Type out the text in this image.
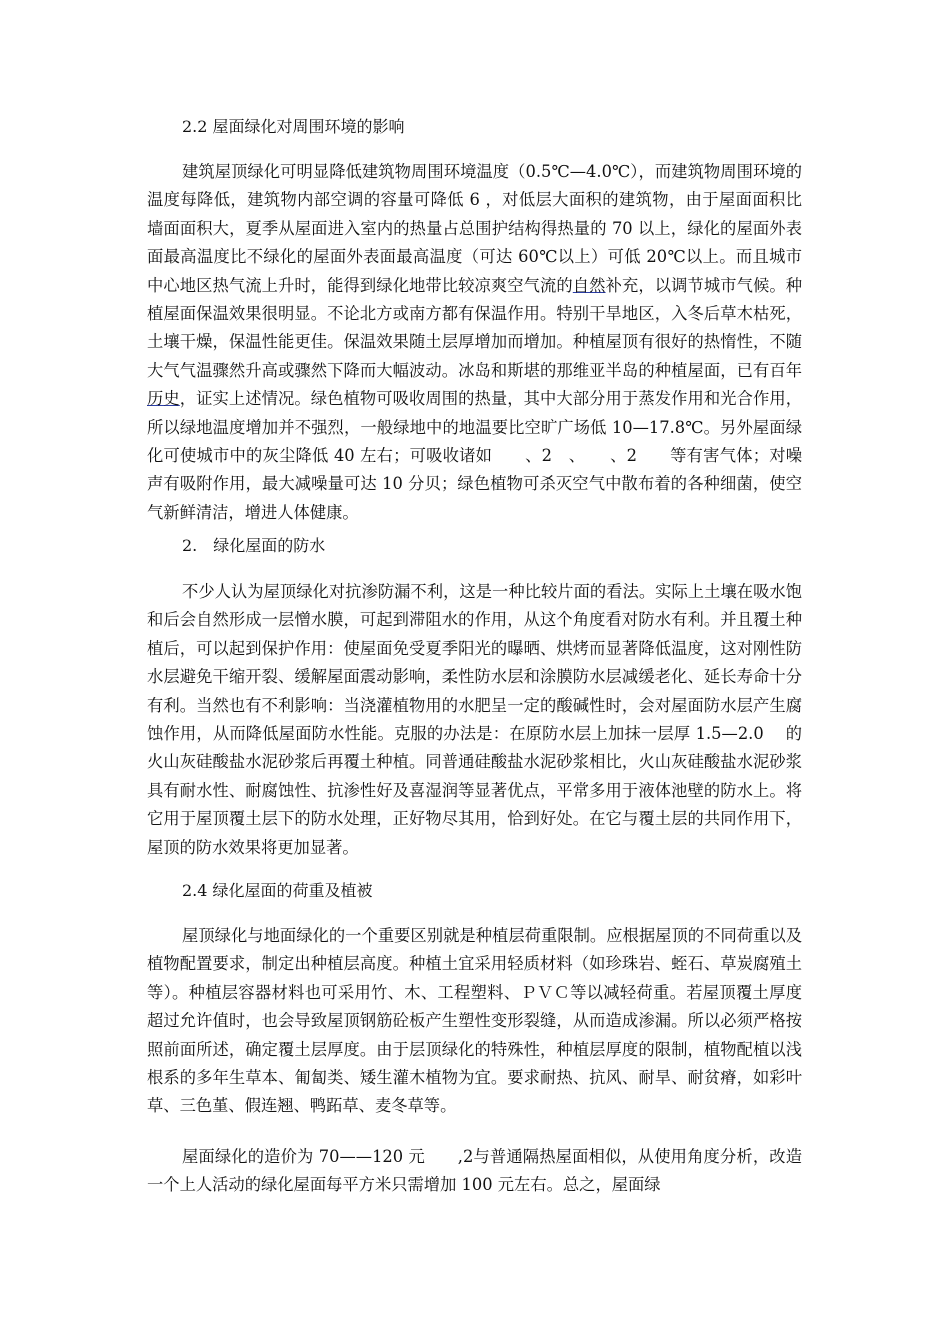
2.2 屋面绿化对周围环境的影响

建筑屋顶绿化可明显降低建筑物周围环境温度（0.5℃—4.0℃），而建筑物周围环境的温度每降低，建筑物内部空调的容量可降低 6 ，对低层大面积的建筑物，由于屋面面积比墙面面积大，夏季从屋面进入室内的热量占总围护结构得热量的 70 以上，绿化的屋面外表面最高温度比不绿化的屋面外表面最高温度（可达 60℃以上）可低 20℃以上。而且城市中心地区热气流上升时，能得到绿化地带比较凉爽空气流的自然补充，以调节城市气候。种植屋面保温效果很明显。不论北方或南方都有保温作用。特别干旱地区，入冬后草木枯死，土壤干燥，保温性能更佳。保温效果随土层厚增加而增加。种植屋顶有很好的热惰性，不随大气气温骤然升高或骤然下降而大幅波动。冰岛和斯堪的那维亚半岛的种植屋面，已有百年历史，证实上述情况。绿色植物可吸收周围的热量，其中大部分用于蒸发作用和光合作用，所以绿地温度增加并不强烈，一般绿地中的地温要比空旷广场低 10—17.8℃。另外屋面绿化可使城市中的灰尘降低 40 左右；可吸收诸如　　、2　、　　、2　　等有害气体；对噪声有吸附作用，最大减噪量可达 10 分贝；绿色植物可杀灭空气中散布着的各种细菌，使空气新鲜清洁，增进人体健康。

2.　绿化屋面的防水

不少人认为屋顶绿化对抗渗防漏不利，这是一种比较片面的看法。实际上土壤在吸水饱和后会自然形成一层憎水膜，可起到滞阻水的作用，从这个角度看对防水有利。并且覆土种植后，可以起到保护作用：使屋面免受夏季阳光的曝晒、烘烤而显著降低温度，这对刚性防水层避免干缩开裂、缓解屋面震动影响，柔性防水层和涂膜防水层减缓老化、延长寿命十分有利。当然也有不利影响：当浇灌植物用的水肥呈一定的酸碱性时，会对屋面防水层产生腐蚀作用，从而降低屋面防水性能。克服的办法是：在原防水层上加抹一层厚 1.5—2.0　 的火山灰硅酸盐水泥砂浆后再覆土种植。同普通硅酸盐水泥砂浆相比，火山灰硅酸盐水泥砂浆具有耐水性、耐腐蚀性、抗渗性好及喜湿润等显著优点，平常多用于液体池壁的防水上。将它用于屋顶覆土层下的防水处理，正好物尽其用，恰到好处。在它与覆土层的共同作用下，屋顶的防水效果将更加显著。

2.4 绿化屋面的荷重及植被

屋顶绿化与地面绿化的一个重要区别就是种植层荷重限制。应根据屋顶的不同荷重以及植物配置要求，制定出种植层高度。种植土宜采用轻质材料（如珍珠岩、蛭石、草炭腐殖土等）。种植层容器材料也可采用竹、木、工程塑料、ＰＶＣ等以减轻荷重。若屋顶覆土厚度超过允许值时，也会导致屋顶钢筋砼板产生塑性变形裂缝，从而造成渗漏。所以必须严格按照前面所述，确定覆土层厚度。由于层顶绿化的特殊性，种植层厚度的限制，植物配植以浅根系的多年生草本、匍匐类、矮生灌木植物为宜。要求耐热、抗风、耐旱、耐贫瘠，如彩叶草、三色堇、假连翘、鸭跖草、麦冬草等。

屋面绿化的造价为 70——120 元　　,2与普通隔热屋面相似，从使用角度分析，改造一个上人活动的绿化屋面每平方米只需增加 100 元左右。总之，屋面绿
